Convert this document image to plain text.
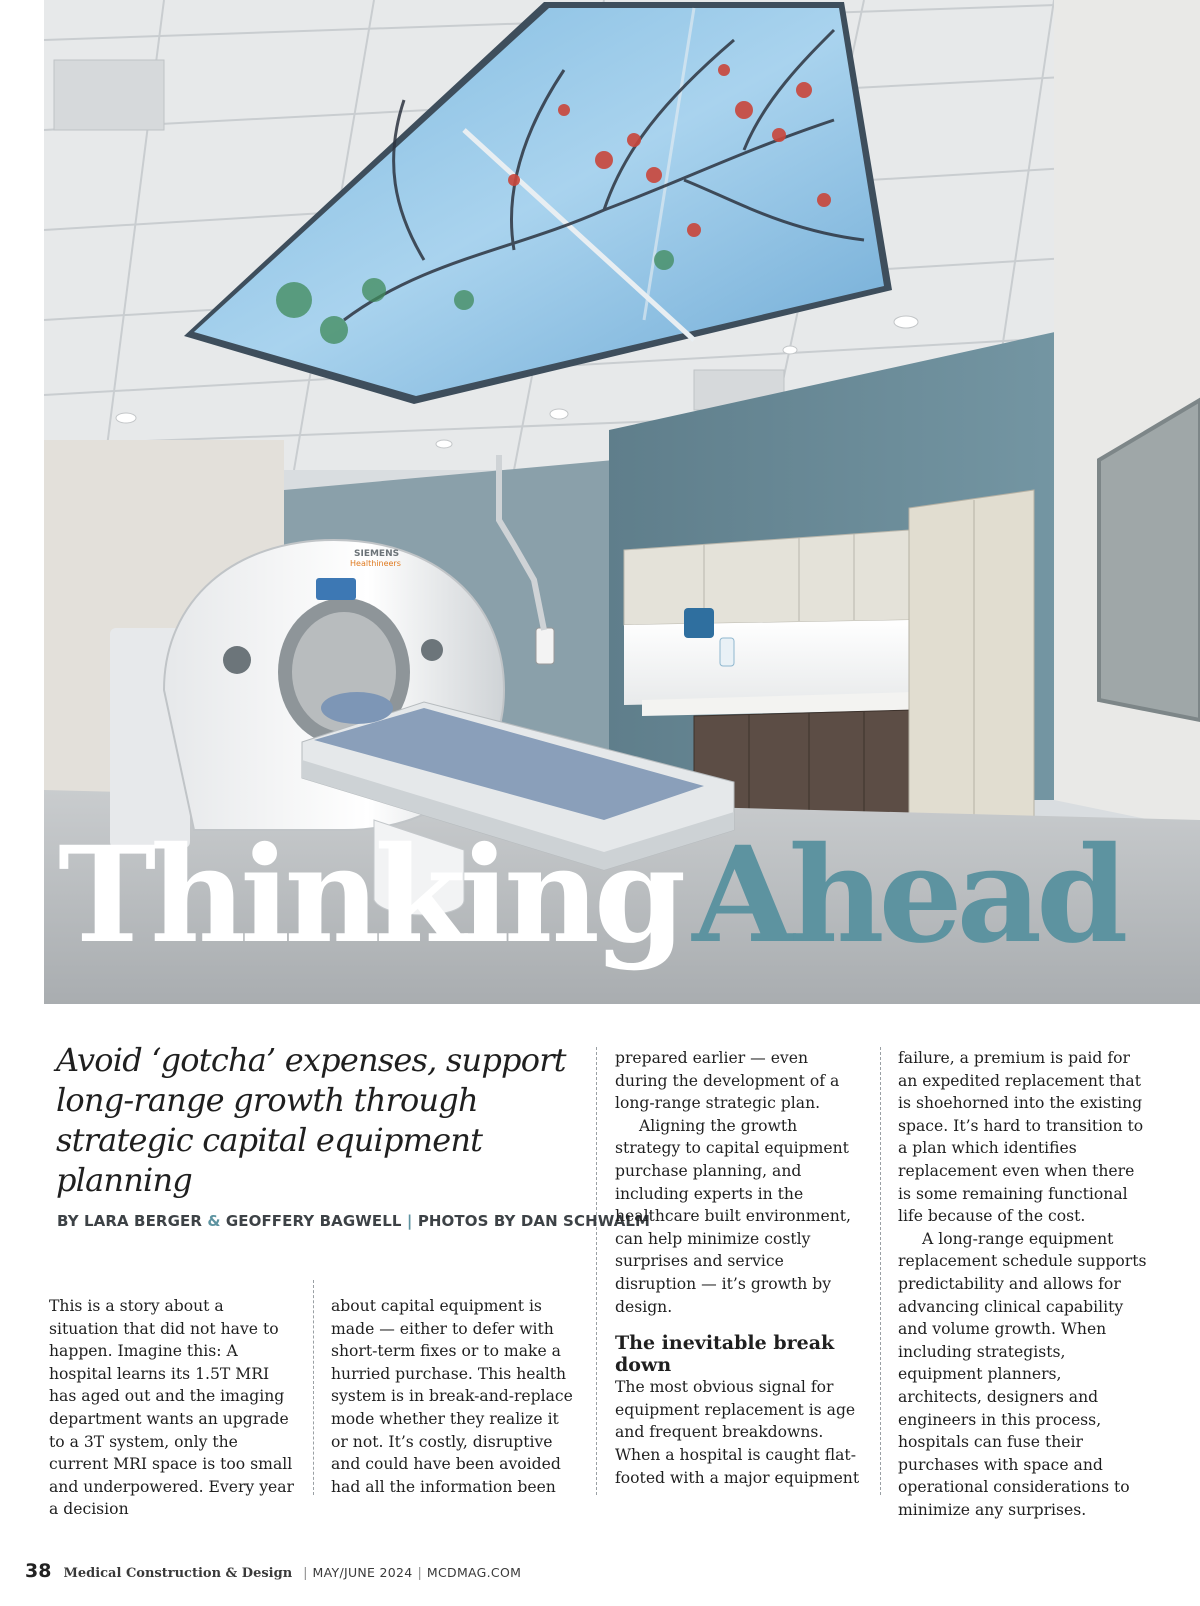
SIEMENS
Healthineers
ThinkingAhead
Avoid ‘gotcha’ expenses, support long-range growth through strategic capital equipment planning
BY LARA BERGER & GEOFFERY BAGWELL | PHOTOS BY DAN SCHWALM

This is a story about a situation that did not have to happen. Imagine this: A hospital learns its 1.5T MRI has aged out and the imaging department wants an upgrade to a 3T system, only the current MRI space is too small and underpowered. Every year a decision

about capital equipment is made — either to defer with short-term fixes or to make a hurried purchase. This health system is in break-and-replace mode whether they realize it or not. It’s costly, disruptive and could have been avoided had all the information been

prepared earlier — even during the development of a long-range strategic plan.

Aligning the growth strategy to capital equipment purchase planning, and including experts in the healthcare built environment, can help minimize costly surprises and service disruption — it’s growth by design.

The inevitable break down

The most obvious signal for equipment replacement is age and frequent breakdowns. When a hospital is caught flat-footed with a major equipment

failure, a premium is paid for an expedited replacement that is shoehorned into the existing space. It’s hard to transition to a plan which identifies replacement even when there is some remaining functional life because of the cost.

A long-range equipment replacement schedule supports predictability and allows for advancing clinical capability and volume growth. When including strategists, equipment planners, architects, designers and engineers in this process, hospitals can fuse their purchases with space and operational considerations to minimize any surprises.

38 Medical Construction & Design | MAY/JUNE 2024 | MCDMAG.COM
